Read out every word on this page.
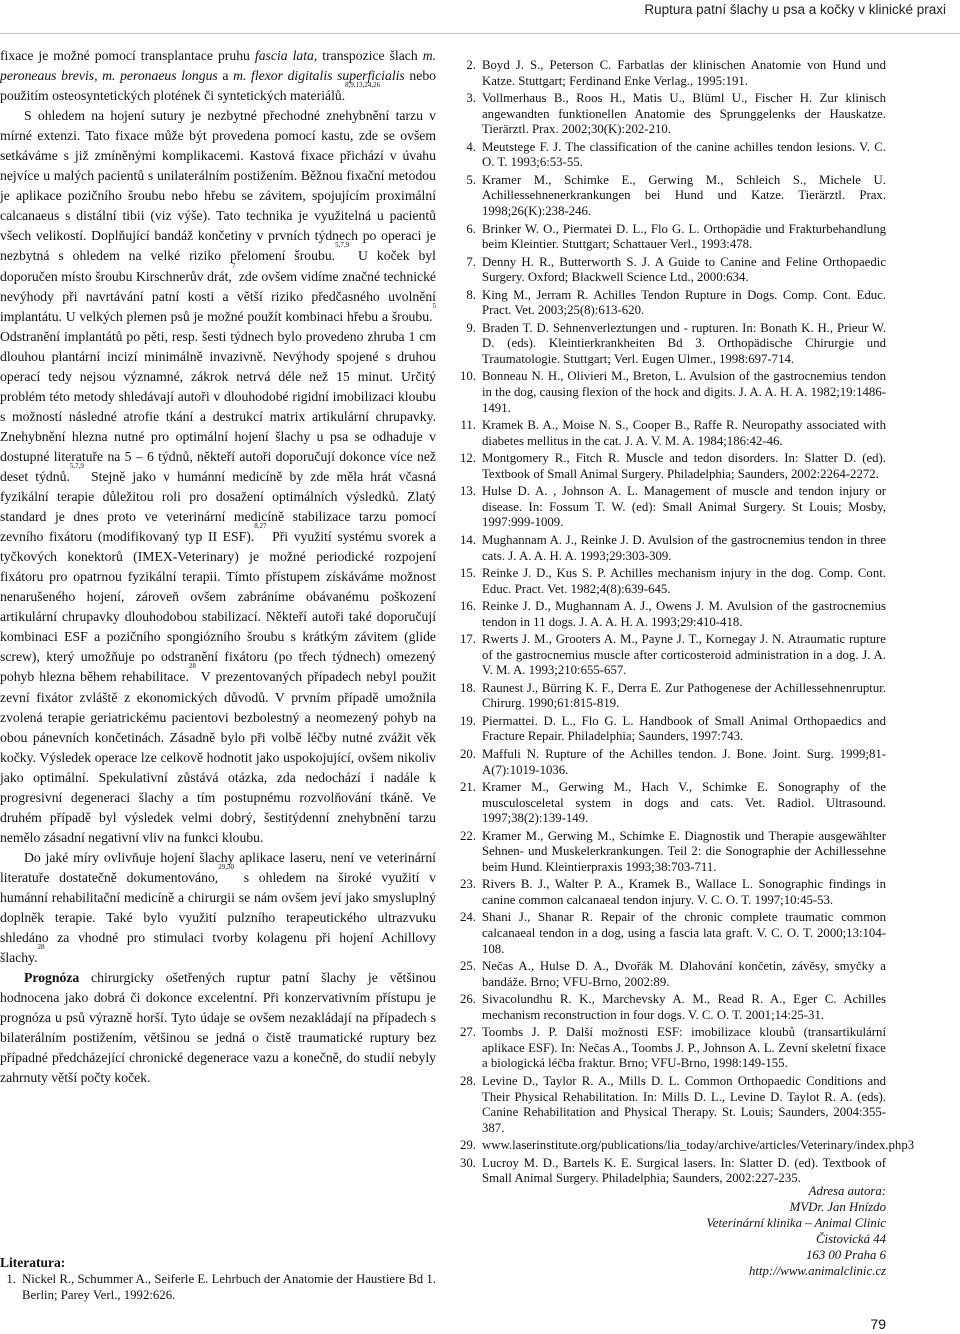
Ruptura patní šlachy u psa a kočky v klinické praxi

fixace je možné pomocí transplantace pruhu fascia lata, transpozice šlach m. peroneaus brevis, m. peronaeus longus a m. flexor digitalis superficialis nebo použitím osteosyntetických plotének či syntetických materiálů.$^{8,9,13,24,26}$

S ohledem na hojení sutury je nezbytné přechodné znehybnění tarzu v mírné extenzi. Tato fixace může být provedena pomocí kastu, zde se ovšem setkáváme s již zmíněnými komplikacemi. Kastová fixace přichází v úvahu nejvíce u malých pacientů s unilaterálním postižením. Běžnou fixační metodou je aplikace pozičního šroubu nebo hřebu se závitem, spojujícím proximální calcanaeus s distální tibii (viz výše). Tato technika je využitelná u pacientů všech velikostí. Doplňující bandáž končetiny v prvních týdnech po operaci je nezbytná s ohledem na velké riziko přelomení šroubu.$^{5,7,9}$ U koček byl doporučen místo šroubu Kirschnerův drát,$^7$ zde ovšem vidíme značné technické nevýhody při navrtávání patní kosti a větší riziko předčasného uvolnění implantátu. U velkých plemen psů je možné použít kombinaci hřebu a šroubu.$^5$ Odstranění implantátů po pěti, resp. šesti týdnech bylo provedeno zhruba 1 cm dlouhou plantární incizí minimálně invazivně. Nevýhody spojené s druhou operací tedy nejsou významné, zákrok netrvá déle než 15 minut. Určitý problém této metody shledávají autoři v dlouhodobé rigidní imobilizaci kloubu s možností následné atrofie tkání a destrukcí matrix artikulární chrupavky. Znehybnění hlezna nutné pro optimální hojení šlachy u psa se odhaduje v dostupné literatuře na 5 – 6 týdnů, někteří autoři doporučují dokonce více než deset týdnů.$^{5,7,9}$ Stejně jako v humánní medicíně by zde měla hrát včasná fyzikální terapie důležitou roli pro dosažení optimálních výsledků. Zlatý standard je dnes proto ve veterinární medicíně stabilizace tarzu pomocí zevního fixátoru (modifikovaný typ II ESF).$^{8,27}$ Při využití systému svorek a tyčkových konektorů (IMEX-Veterinary) je možné periodické rozpojení fixátoru pro opatrnou fyzikální terapii. Tímto přístupem získáváme možnost nenarušeného hojení, zároveň ovšem zabráníme obávanému poškození artikulární chrupavky dlouhodobou stabilizací. Někteří autoři také doporučují kombinaci ESF a pozičního spongiózního šroubu s krátkým závitem (glide screw), který umožňuje po odstranění fixátoru (po třech týdnech) omezený pohyb hlezna během rehabilitace.$^{28}$ V prezentovaných případech nebyl použit zevní fixátor zvláště z ekonomických důvodů. V prvním případě umožnila zvolená terapie geriatrickému pacientovi bezbolestný a neomezený pohyb na obou pánevních končetinách. Zásadně bylo při volbě léčby nutné zvážit věk kočky. Výsledek operace lze celkově hodnotit jako uspokojující, ovšem nikoliv jako optimální. Spekulativní zůstává otázka, zda nedochází i nadále k progresivní degeneraci šlachy a tím postupnému rozvolňování tkáně. Ve druhém případě byl výsledek velmi dobrý, šestitýdenní znehybnění tarzu nemělo zásadní negativní vliv na funkci kloubu.

Do jaké míry ovlivňuje hojení šlachy aplikace laseru, není ve veterinární literatuře dostatečně dokumentováno,$^{29,30}$ s ohledem na široké využití v humánní rehabilitační medicíně a chirurgii se nám ovšem jeví jako smysluplný doplněk terapie. Také bylo využití pulzního terapeutického ultrazvuku shledáno za vhodné pro stimulaci tvorby kolagenu při hojení Achillovy šlachy.$^{28}$

Prognóza chirurgicky ošetřených ruptur patní šlachy je většinou hodnocena jako dobrá či dokonce excelentní. Při konzervativním přístupu je prognóza u psů výrazně horší. Tyto údaje se ovšem nezakládají na případech s bilaterálním postižením, většinou se jedná o čistě traumatické ruptury bez případné předcházející chronické degenerace vazu a konečně, do studií nebyly zahrnuty větší počty koček.

Literatura:
1. Nickel R., Schummer A., Seiferle E. Lehrbuch der Anatomie der Haustiere Bd 1. Berlin; Parey Verl., 1992:626.
2. Boyd J. S., Peterson C. Farbatlas der klinischen Anatomie von Hund und Katze. Stuttgart; Ferdinand Enke Verlag., 1995:191.
3. Vollmerhaus B., Roos H., Matis U., Blüml U., Fischer H. Zur klinisch angewandten funktionellen Anatomie des Sprunggelenks der Hauskatze. Tierärztl. Prax. 2002;30(K):202-210.
4. Meutstege F. J. The classification of the canine achilles tendon lesions. V. C. O. T. 1993;6:53-55.
5. Kramer M., Schimke E., Gerwing M., Schleich S., Michele U. Achillessehnenerkrankungen bei Hund und Katze. Tierärztl. Prax. 1998;26(K):238-246.
6. Brinker W. O., Piermatei D. L., Flo G. L. Orthopädie und Frakturbehandlung beim Kleintier. Stuttgart; Schattauer Verl., 1993:478.
7. Denny H. R., Butterworth S. J. A Guide to Canine and Feline Orthopaedic Surgery. Oxford; Blackwell Science Ltd., 2000:634.
8. King M., Jerram R. Achilles Tendon Rupture in Dogs. Comp. Cont. Educ. Pract. Vet. 2003;25(8):613-620.
9. Braden T. D. Sehnenverleztungen und - rupturen. In: Bonath K. H., Prieur W. D. (eds). Kleintierkrankheiten Bd 3. Orthopädische Chirurgie und Traumatologie. Stuttgart; Verl. Eugen Ulmer., 1998:697-714.
10. Bonneau N. H., Olivieri M., Breton, L. Avulsion of the gastrocnemius tendon in the dog, causing flexion of the hock and digits. J. A. A. H. A. 1982;19:1486-1491.
11. Kramek B. A., Moise N. S., Cooper B., Raffe R. Neuropathy associated with diabetes mellitus in the cat. J. A. V. M. A. 1984;186:42-46.
12. Montgomery R., Fitch R. Muscle and tedon disorders. In: Slatter D. (ed). Textbook of Small Animal Surgery. Philadelphia; Saunders, 2002:2264-2272.
13. Hulse D. A. , Johnson A. L. Management of muscle and tendon injury or disease. In: Fossum T. W. (ed): Small Animal Surgery. St Louis; Mosby, 1997:999-1009.
14. Mughannam A. J., Reinke J. D. Avulsion of the gastrocnemius tendon in three cats. J. A. A. H. A. 1993;29:303-309.
15. Reinke J. D., Kus S. P. Achilles mechanism injury in the dog. Comp. Cont. Educ. Pract. Vet. 1982;4(8):639-645.
16. Reinke J. D., Mughannam A. J., Owens J. M. Avulsion of the gastrocnemius tendon in 11 dogs. J. A. A. H. A. 1993;29:410-418.
17. Rwerts J. M., Grooters A. M., Payne J. T., Kornegay J. N. Atraumatic rupture of the gastrocnemius muscle after corticosteroid administration in a dog. J. A. V. M. A. 1993;210:655-657.
18. Raunest J., Bürring K. F., Derra E. Zur Pathogenese der Achillessehnenruptur. Chirurg. 1990;61:815-819.
19. Piermattei. D. L., Flo G. L. Handbook of Small Animal Orthopaedics and Fracture Repair. Philadelphia; Saunders, 1997:743.
20. Maffuli N. Rupture of the Achilles tendon. J. Bone. Joint. Surg. 1999;81-A(7):1019-1036.
21. Kramer M., Gerwing M., Hach V., Schimke E. Sonography of the musculosceletal system in dogs and cats. Vet. Radiol. Ultrasound. 1997;38(2):139-149.
22. Kramer M., Gerwing M., Schimke E. Diagnostik und Therapie ausgewählter Sehnen- und Muskelerkrankungen. Teil 2: die Sonographie der Achillessehne beim Hund. Kleintierpraxis 1993;38:703-711.
23. Rivers B. J., Walter P. A., Kramek B., Wallace L. Sonographic findings in canine common calcanaeal tendon injury. V. C. O. T. 1997;10:45-53.
24. Shani J., Shanar R. Repair of the chronic complete traumatic common calcanaeal tendon in a dog, using a fascia lata graft. V. C. O. T. 2000;13:104-108.
25. Nečas A., Hulse D. A., Dvořák M. Dlahování končetin, závěsy, smyčky a bandáže. Brno; VFU-Brno, 2002:89.
26. Sivacolundhu R. K., Marchevsky A. M., Read R. A., Eger C. Achilles mechanism reconstruction in four dogs. V. C. O. T. 2001;14:25-31.
27. Toombs J. P. Další možnosti ESF: imobilizace kloubů (transartikulární aplikace ESF). In: Nečas A., Toombs J. P., Johnson A. L. Zevní skeletní fixace a biologická léčba fraktur. Brno; VFU-Brno, 1998:149-155.
28. Levine D., Taylor R. A., Mills D. L. Common Orthopaedic Conditions and Their Physical Rehabilitation. In: Mills D. L., Levine D. Taylot R. A. (eds). Canine Rehabilitation and Physical Therapy. St. Louis; Saunders, 2004:355-387.
29. www.laserinstitute.org/publications/lia_today/archive/articles/Veterinary/index.php3
30. Lucroy M. D., Bartels K. E. Surgical lasers. In: Slatter D. (ed). Textbook of Small Animal Surgery. Philadelphia; Saunders, 2002:227-235.
Adresa autora:
MVDr. Jan Hnízdo
Veterinární klinika – Animal Clinic
Čistovická 44
163 00 Praha 6
http://www.animalclinic.cz
79
